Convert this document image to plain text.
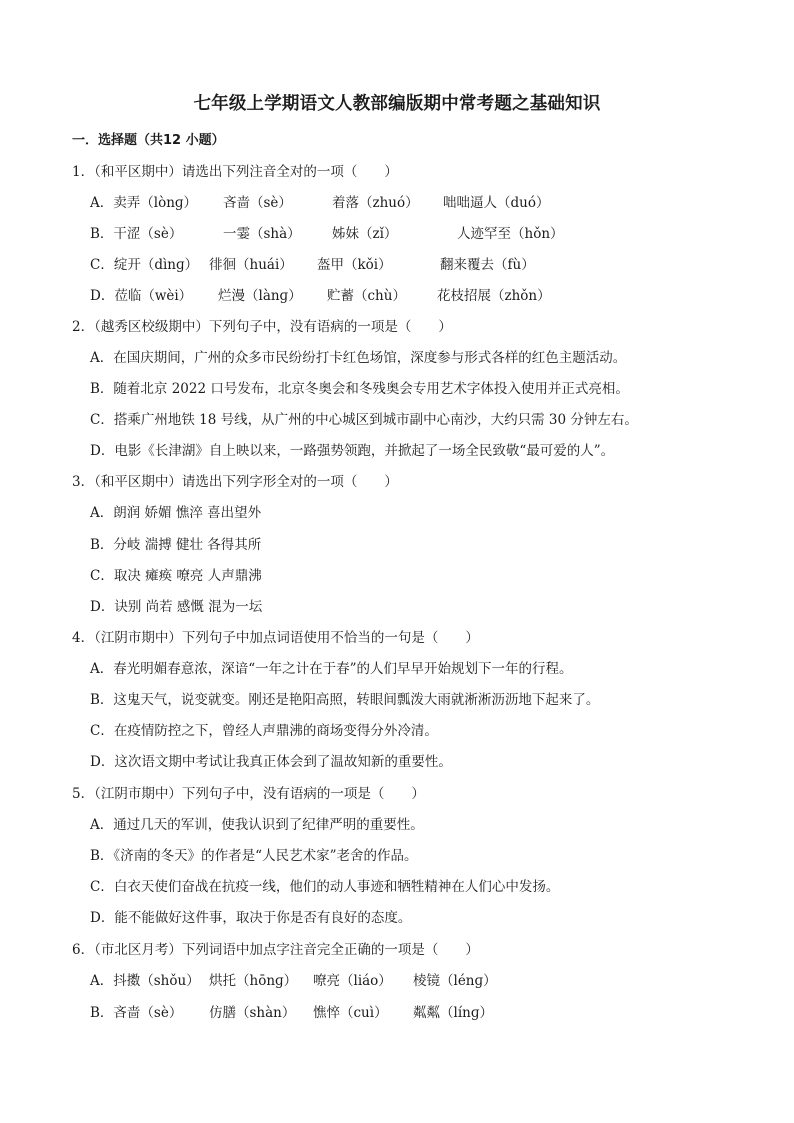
七年级上学期语文人教部编版期中常考题之基础知识
一．选择题（共12 小题）
1．（和平区期中）请选出下列注音全对的一项（　　）
A．卖弄（lònɡ） 吝啬（sè）	着落（zhuó） 咄咄逼人（duó）
B．干涩（sè）	一霎（shà） 姊妹（zǐ）	人迹罕至（hǒn）
C．绽开（dìnɡ） 徘徊（huái） 盔甲（kǒi）	翻来覆去（fù）
D．莅临（wèi） 烂漫（lànɡ） 贮蓄（chù） 花枝招展（zhǒn）
2．（越秀区校级期中）下列句子中，没有语病的一项是（　　）
A．在国庆期间，广州的众多市民纷纷打卡红色场馆，深度参与形式各样的红色主题活动。
B．随着北京 2022 口号发布，北京冬奥会和冬残奥会专用艺术字体投入使用并正式亮相。
C．搭乘广州地铁 18 号线，从广州的中心城区到城市副中心南沙，大约只需 30 分钟左右。
D．电影《长津湖》自上映以来，一路强势领跑，并掀起了一场全民致敬“最可爱的人”。
3．（和平区期中）请选出下列字形全对的一项（　　）
A．朗润 娇媚 憔淬 喜出望外
B．分岐 湍搏 健壮 各得其所
C．取决 瘫痪 嘹亮 人声鼎沸
D．诀别 尚若 感慨 混为一坛
4．（江阴市期中）下列句子中加点词语使用不恰当的一句是（　　）
A．春光明媚春意浓，深谙“一年之计在于春”的人们早早开始规划下一年的行程。
B．这鬼天气，说变就变。刚还是艳阳高照，转眼间瓢泼大雨就淅淅沥沥地下起来了。
C．在疫情防控之下，曾经人声鼎沸的商场变得分外冷清。
D．这次语文期中考试让我真正体会到了温故知新的重要性。
5．（江阴市期中）下列句子中，没有语病的一项是（　　）
A．通过几天的军训，使我认识到了纪律严明的重要性。
B．《济南的冬天》的作者是“人民艺术家”老舍的作品。
C．白衣天使们奋战在抗疫一线，他们的动人事迹和牺牲精神在人们心中发扬。
D．能不能做好这件事，取决于你是否有良好的态度。
6．（市北区月考）下列词语中加点字注音完全正确的一项是（　　）
A．抖擞（shǒu） 烘托（hōnɡ） 嘹亮（liáo） 棱镜（lénɡ）
B．吝啬（sè） 仿膳（shàn） 憔悴（cuì） 粼粼（línɡ）
